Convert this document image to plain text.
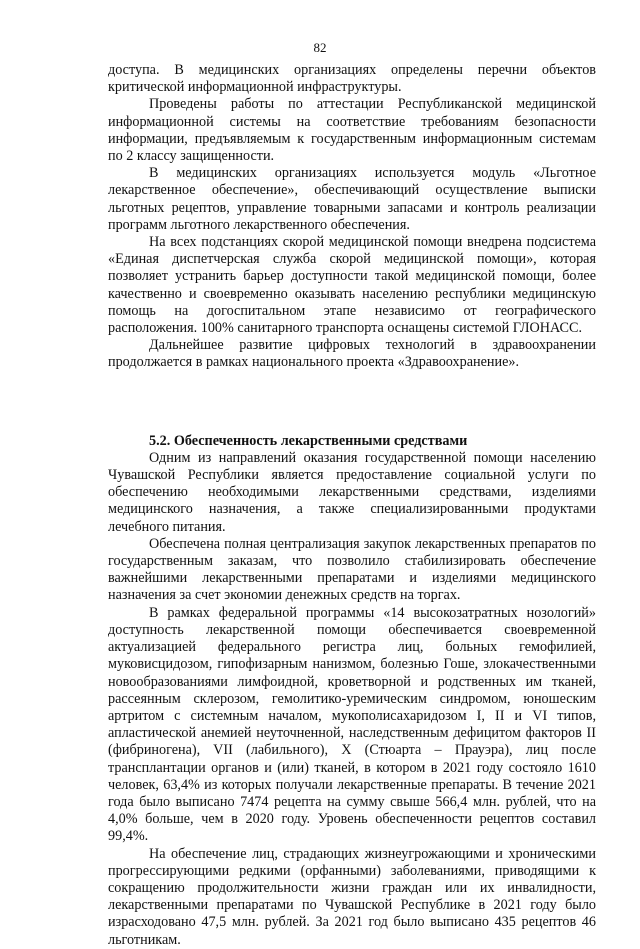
82

доступа. В медицинских организациях определены перечни объектов критической информационной инфраструктуры.

Проведены работы по аттестации Республиканской медицинской информационной системы на соответствие требованиям безопасности информации, предъявляемым к государственным информационным системам по 2 классу защищенности.

В медицинских организациях используется модуль «Льготное лекарственное обеспечение», обеспечивающий осуществление выписки льготных рецептов, управление товарными запасами и контроль реализации программ льготного лекарственного обеспечения.

На всех подстанциях скорой медицинской помощи внедрена подсистема «Единая диспетчерская служба скорой медицинской помощи», которая позволяет устранить барьер доступности такой медицинской помощи, более качественно и своевременно оказывать населению республики медицинскую помощь на догоспитальном этапе независимо от географического расположения. 100% санитарного транспорта оснащены системой ГЛОНАСС.

Дальнейшее развитие цифровых технологий в здравоохранении продолжается в рамках национального проекта «Здравоохранение».

5.2. Обеспеченность лекарственными средствами

Одним из направлений оказания государственной помощи населению Чувашской Республики является предоставление социальной услуги по обеспечению необходимыми лекарственными средствами, изделиями медицинского назначения, а также специализированными продуктами лечебного питания.

Обеспечена полная централизация закупок лекарственных препаратов по государственным заказам, что позволило стабилизировать обеспечение важнейшими лекарственными препаратами и изделиями медицинского назначения за счет экономии денежных средств на торгах.

В рамках федеральной программы «14 высокозатратных нозологий» доступность лекарственной помощи обеспечивается своевременной актуализацией федерального регистра лиц, больных гемофилией, муковисцидозом, гипофизарным нанизмом, болезнью Гоше, злокачественными новообразованиями лимфоидной, кроветворной и родственных им тканей, рассеянным склерозом, гемолитико-уремическим синдромом, юношеским артритом с системным началом, мукополисахаридозом I, II и VI типов, апластической анемией неуточненной, наследственным дефицитом факторов II (фибриногена), VII (лабильного), X (Стюарта – Прауэра), лиц после трансплантации органов и (или) тканей, в котором в 2021 году состояло 1610 человек, 63,4% из которых получали лекарственные препараты. В течение 2021 года было выписано 7474 рецепта на сумму свыше 566,4 млн. рублей, что на 4,0% больше, чем в 2020 году. Уровень обеспеченности рецептов составил 99,4%.

На обеспечение лиц, страдающих жизнеугрожающими и хроническими прогрессирующими редкими (орфанными) заболеваниями, приводящими к сокращению продолжительности жизни граждан или их инвалидности, лекарственными препаратами по Чувашской Республике в 2021 году было израсходовано 47,5 млн. рублей. За 2021 год было выписано 435 рецептов 46 льготникам.
